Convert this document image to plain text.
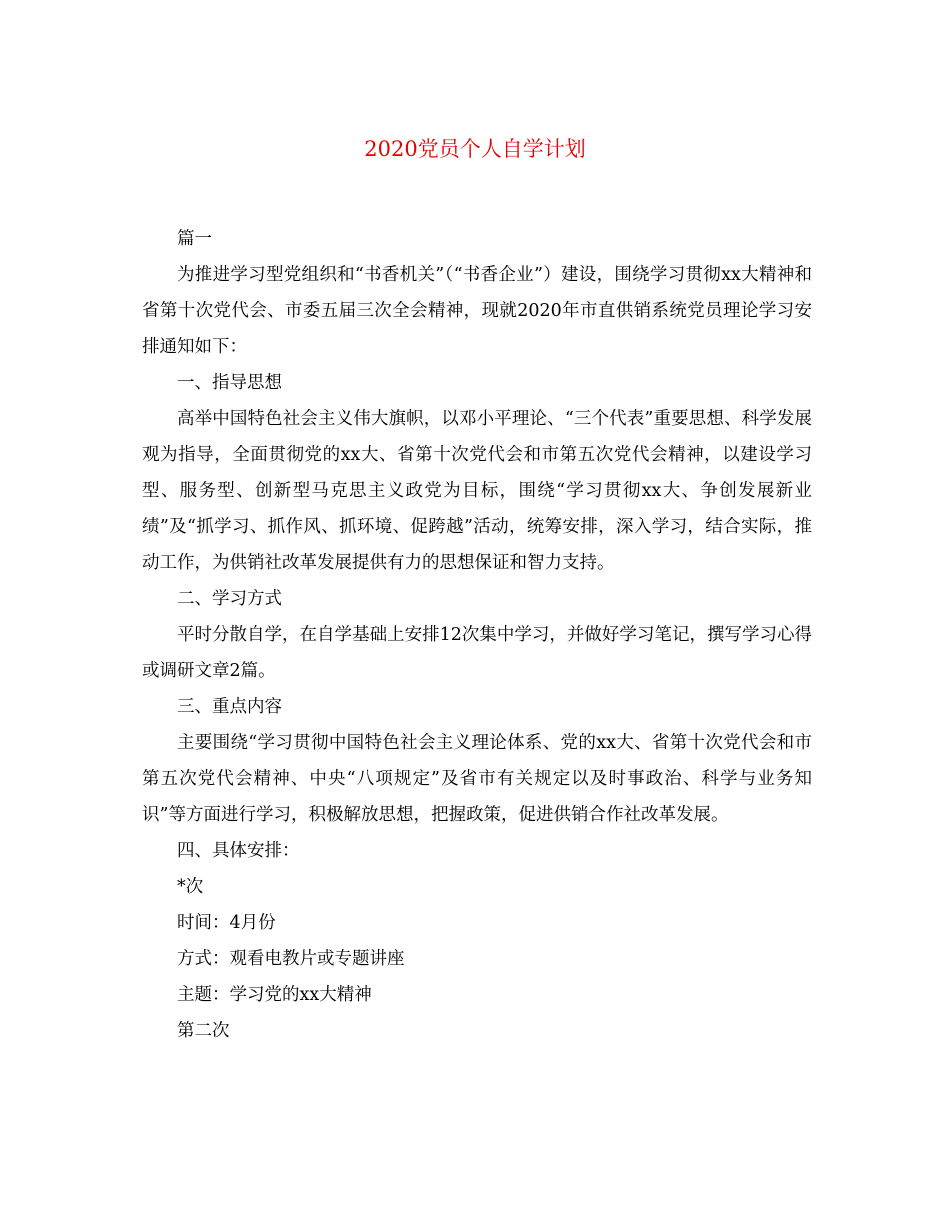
2020党员个人自学计划

篇一

为推进学习型党组织和“书香机关”（“书香企业”）建设，围绕学习贯彻xx大精神和省第十次党代会、市委五届三次全会精神，现就2020年市直供销系统党员理论学习安排通知如下：

一、指导思想

高举中国特色社会主义伟大旗帜，以邓小平理论、“三个代表”重要思想、科学发展观为指导，全面贯彻党的xx大、省第十次党代会和市第五次党代会精神，以建设学习型、服务型、创新型马克思主义政党为目标，围绕“学习贯彻xx大、争创发展新业绩”及“抓学习、抓作风、抓环境、促跨越”活动，统筹安排，深入学习，结合实际，推动工作，为供销社改革发展提供有力的思想保证和智力支持。

二、学习方式

平时分散自学，在自学基础上安排12次集中学习，并做好学习笔记，撰写学习心得或调研文章2篇。

三、重点内容

主要围绕“学习贯彻中国特色社会主义理论体系、党的xx大、省第十次党代会和市第五次党代会精神、中央“八项规定”及省市有关规定以及时事政治、科学与业务知识”等方面进行学习，积极解放思想，把握政策，促进供销合作社改革发展。

四、具体安排：

*次

时间：4月份

方式：观看电教片或专题讲座

主题：学习党的xx大精神

第二次
